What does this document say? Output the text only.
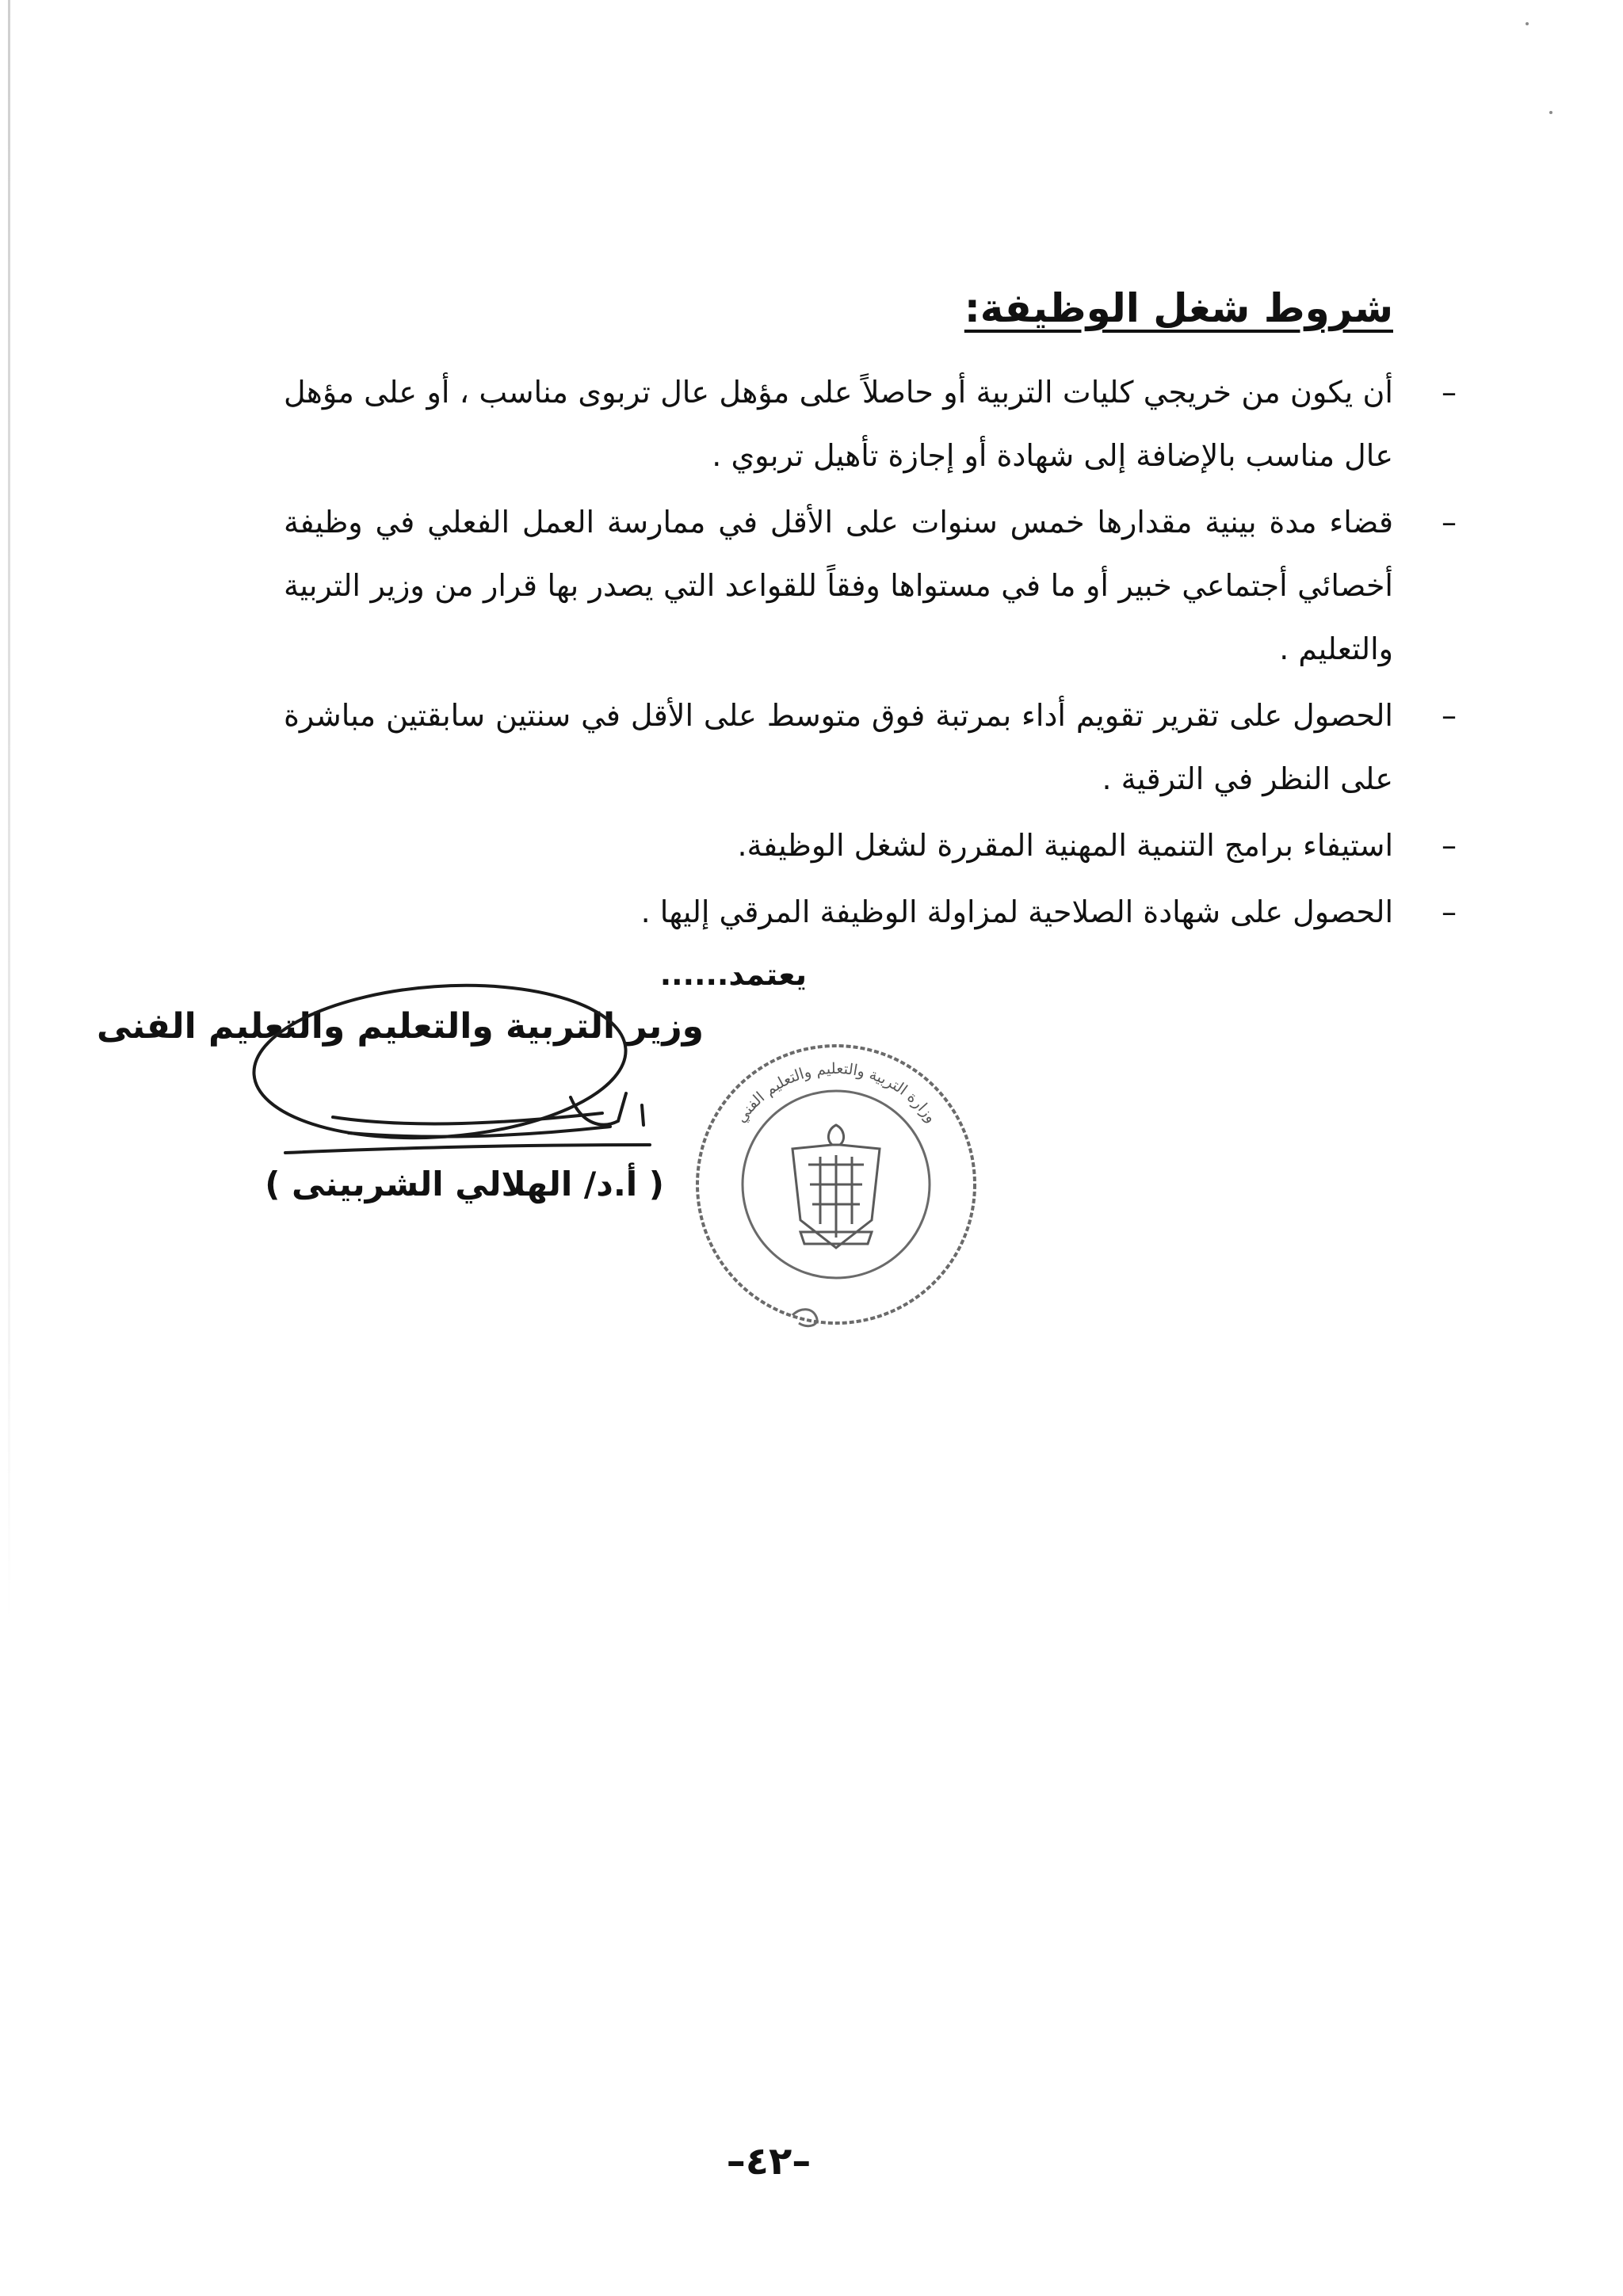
شروط شغل الوظيفة:
–
أن يكون من خريجي كليات التربية أو حاصلاً على مؤهل عال تربوى مناسب ، أو على مؤهل عال مناسب بالإضافة إلى شهادة أو إجازة تأهيل تربوي .
–
قضاء مدة بينية مقدارها خمس سنوات على الأقل في ممارسة العمل الفعلي في وظيفة أخصائي أجتماعي خبير أو ما في مستواها وفقاً للقواعد التي يصدر بها قرار من وزير التربية والتعليم .
–
الحصول على تقرير تقويم أداء بمرتبة فوق متوسط على الأقل في سنتين سابقتين مباشرة على النظر في الترقية .
–
استيفاء برامج التنمية المهنية المقررة لشغل الوظيفة.
–
الحصول على شهادة الصلاحية لمزاولة الوظيفة المرقي إليها .
يعتمد......
وزير التربية والتعليم والتعليم الفنى
( أ.د/ الهلالي الشربينى )
وزارة التربية والتعليم والتعليم الفني
–٤٢–
